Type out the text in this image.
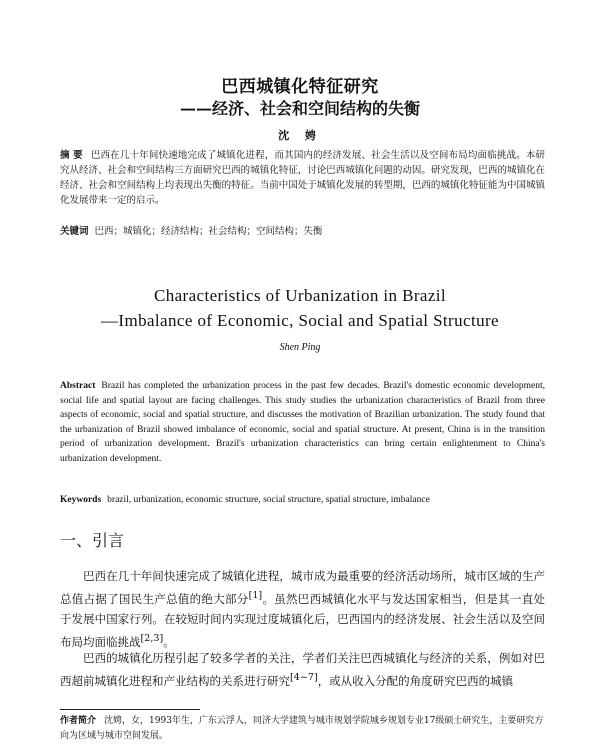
巴西城镇化特征研究
——经济、社会和空间结构的失衡
沈 娉
摘 要 巴西在几十年间快速地完成了城镇化进程，而其国内的经济发展、社会生活以及空间布局均面临挑战。本研究从经济、社会和空间结构三方面研究巴西的城镇化特征，讨论巴西城镇化问题的动因。研究发现，巴西的城镇化在经济、社会和空间结构上均表现出失衡的特征。当前中国处于城镇化发展的转型期，巴西的城镇化特征能为中国城镇化发展带来一定的启示。
关键词 巴西；城镇化；经济结构；社会结构；空间结构；失衡
Characteristics of Urbanization in Brazil
—Imbalance of Economic, Social and Spatial Structure
Shen Ping
Abstract Brazil has completed the urbanization process in the past few decades. Brazil's domestic economic development, social life and spatial layout are facing challenges. This study studies the urbanization characteristics of Brazil from three aspects of economic, social and spatial structure, and discusses the motivation of Brazilian urbanization. The study found that the urbanization of Brazil showed imbalance of economic, social and spatial structure. At present, China is in the transition period of urbanization development. Brazil's urbanization characteristics can bring certain enlightenment to China's urbanization development.
Keywords brazil, urbanization, economic structure, social structure, spatial structure, imbalance
一、引言

巴西在几十年间快速完成了城镇化进程，城市成为最重要的经济活动场所，城市区域的生产总值占据了国民生产总值的绝大部分[1]。虽然巴西城镇化水平与发达国家相当，但是其一直处于发展中国家行列。在较短时间内实现过度城镇化后，巴西国内的经济发展、社会生活以及空间布局均面临挑战[2,3]。

巴西的城镇化历程引起了较多学者的关注，学者们关注巴西城镇化与经济的关系，例如对巴西超前城镇化进程和产业结构的关系进行研究[4~7]，或从收入分配的角度研究巴西的城镇

作者简介 沈娉，女，1993年生，广东云浮人，同济大学建筑与城市规划学院城乡规划专业17级硕士研究生，主要研究方向为区域与城市空间发展。
